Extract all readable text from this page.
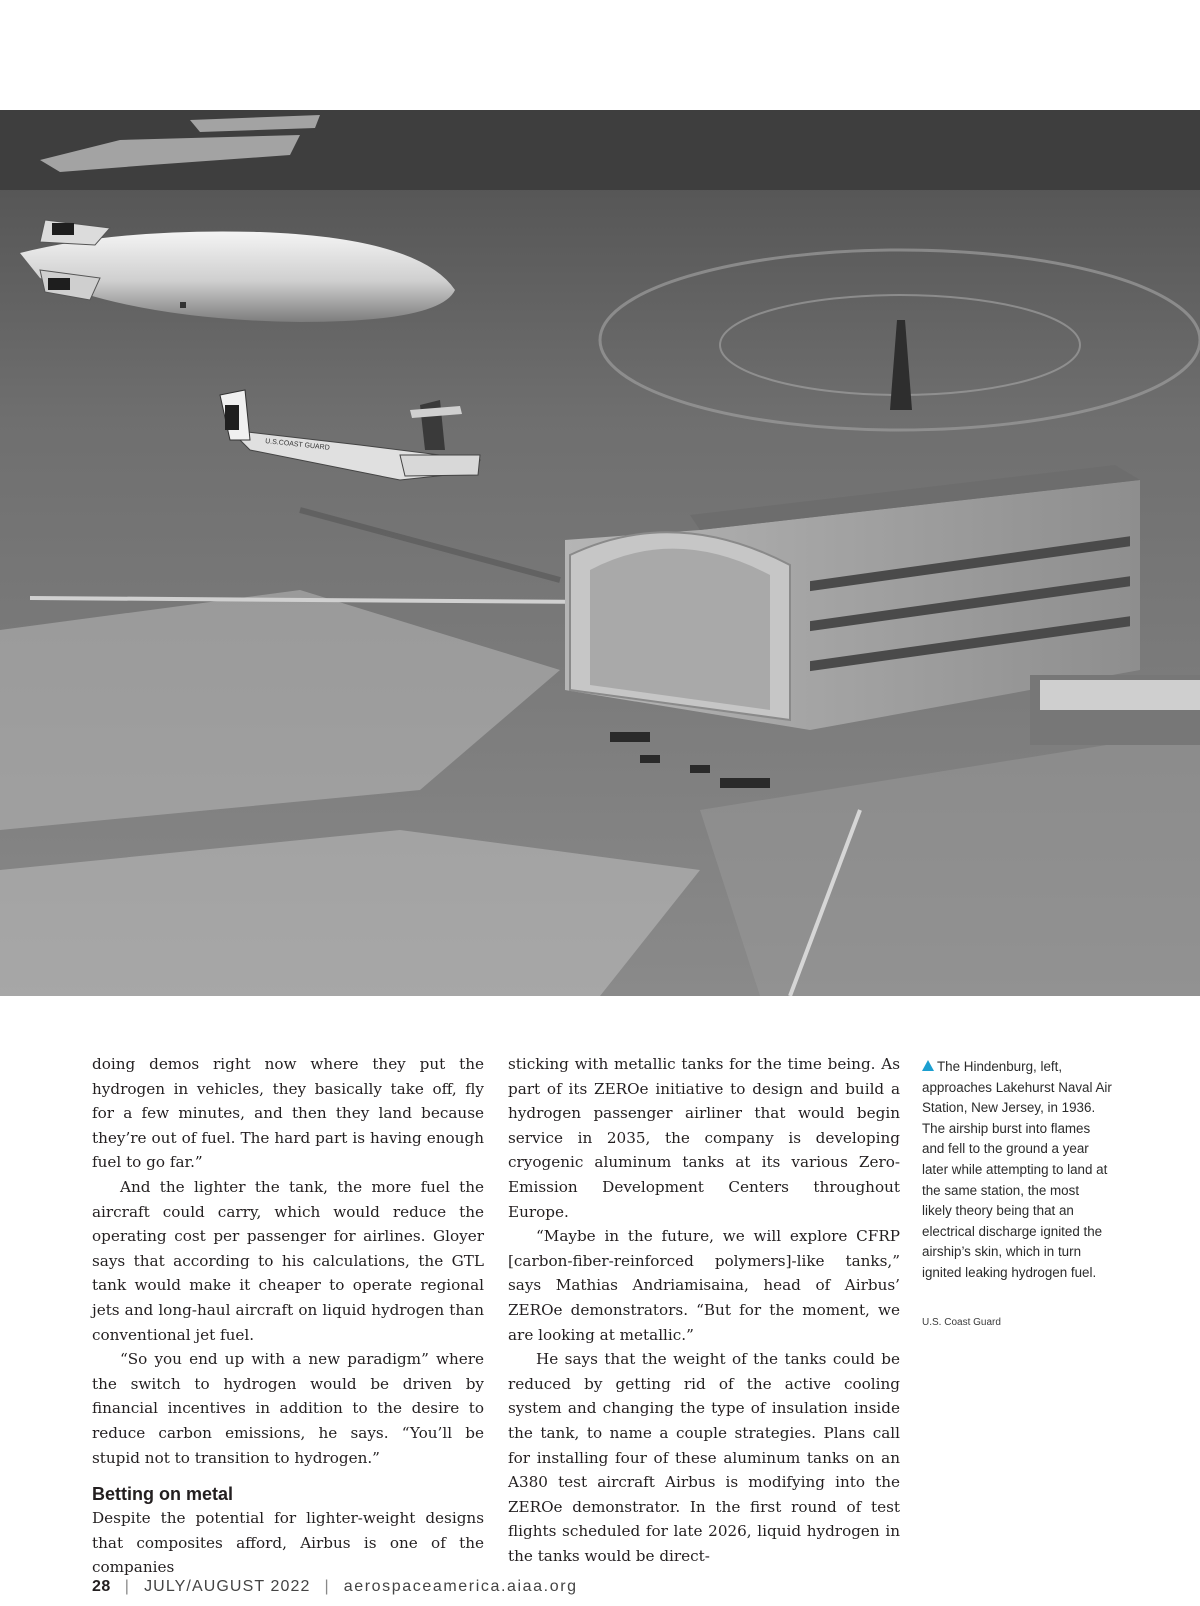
U.S.COAST GUARD

doing demos right now where they put the hydrogen in vehicles, they basically take off, fly for a few minutes, and then they land because they’re out of fuel. The hard part is having enough fuel to go far.”

And the lighter the tank, the more fuel the aircraft could carry, which would reduce the operating cost per passenger for airlines. Gloyer says that according to his calculations, the GTL tank would make it cheaper to operate regional jets and long-haul aircraft on liquid hydrogen than conventional jet fuel.

“So you end up with a new paradigm” where the switch to hydrogen would be driven by financial incentives in addition to the desire to reduce carbon emissions, he says. “You’ll be stupid not to transition to hydrogen.”

Betting on metal

Despite the potential for lighter-weight designs that composites afford, Airbus is one of the companies

sticking with metallic tanks for the time being. As part of its ZEROe initiative to design and build a hydrogen passenger airliner that would begin service in 2035, the company is developing cryogenic aluminum tanks at its various Zero-Emission Development Centers throughout Europe.

“Maybe in the future, we will explore CFRP [carbon-fiber-reinforced polymers]-like tanks,” says Mathias Andriamisaina, head of Airbus’ ZEROe demonstrators. “But for the moment, we are looking at metallic.”

He says that the weight of the tanks could be reduced by getting rid of the active cooling system and changing the type of insulation inside the tank, to name a couple strategies. Plans call for installing four of these aluminum tanks on an A380 test aircraft Airbus is modifying into the ZEROe demonstrator. In the first round of test flights scheduled for late 2026, liquid hydrogen in the tanks would be direct-

The Hindenburg, left, approaches Lakehurst Naval Air Station, New Jersey, in 1936. The airship burst into flames and fell to the ground a year later while attempting to land at the same station, the most likely theory being that an electrical discharge ignited the airship’s skin, which in turn ignited leaking hydrogen fuel.
U.S. Coast Guard
28 | JULY/AUGUST 2022 | aerospaceamerica.aiaa.org
